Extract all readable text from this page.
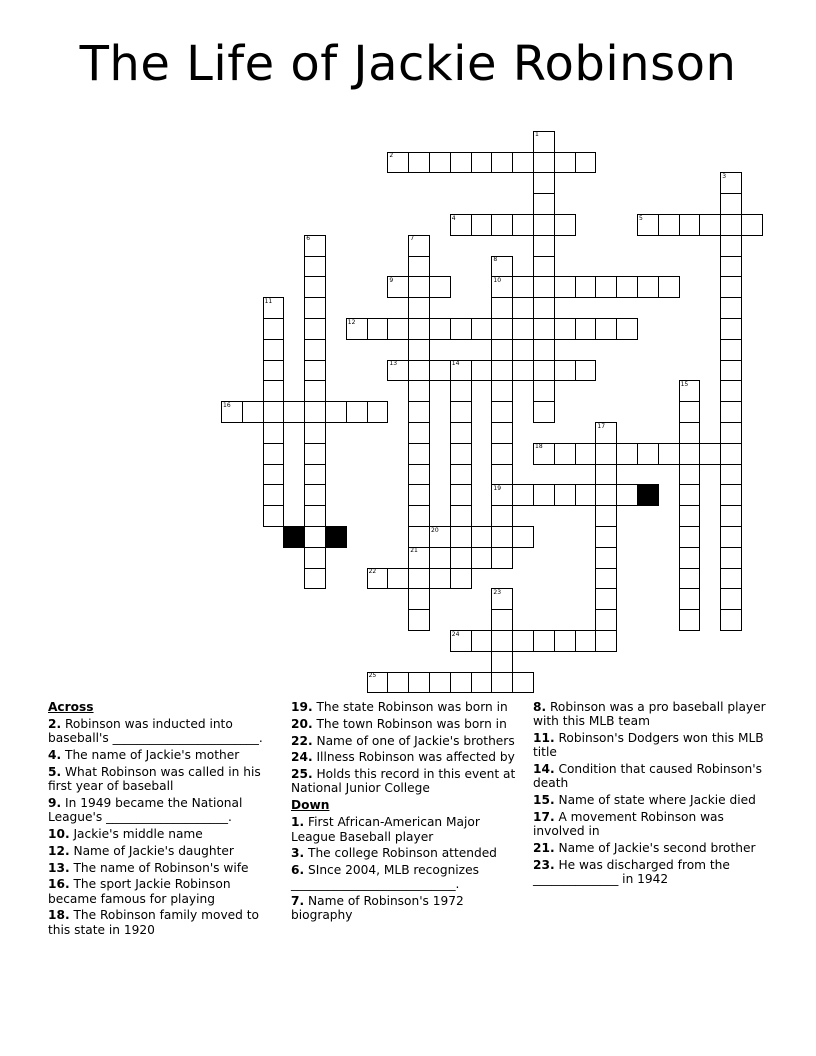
The Life of Jackie Robinson
1
2
3
4	5
6	7
8
9	10
11
12
13	14
15
16
17
18
19
20
21
22
23
24
25
Across
2. Robinson was inducted into baseball's ________________________.
4. The name of Jackie's mother
5. What Robinson was called in his first year of baseball
9. In 1949 became the National League's ____________________.
10. Jackie's middle name
12. Name of Jackie's daughter
13. The name of Robinson's wife
16. The sport Jackie Robinson became famous for playing
18. The Robinson family moved to this state in 1920
19. The state Robinson was born in
20. The town Robinson was born in
22. Name of one of Jackie's brothers
24. Illness Robinson was affected by
25. Holds this record in this event at National Junior College
Down
1. First African-American Major League Baseball player
3. The college Robinson attended
6. SInce 2004, MLB recognizes ___________________________.
7. Name of Robinson's 1972 biography
8. Robinson was a pro baseball player with this MLB team
11. Robinson's Dodgers won this MLB title
14. Condition that caused Robinson's death
15. Name of state where Jackie died
17. A movement Robinson was involved in
21. Name of Jackie's second brother
23. He was discharged from the ______________ in 1942
